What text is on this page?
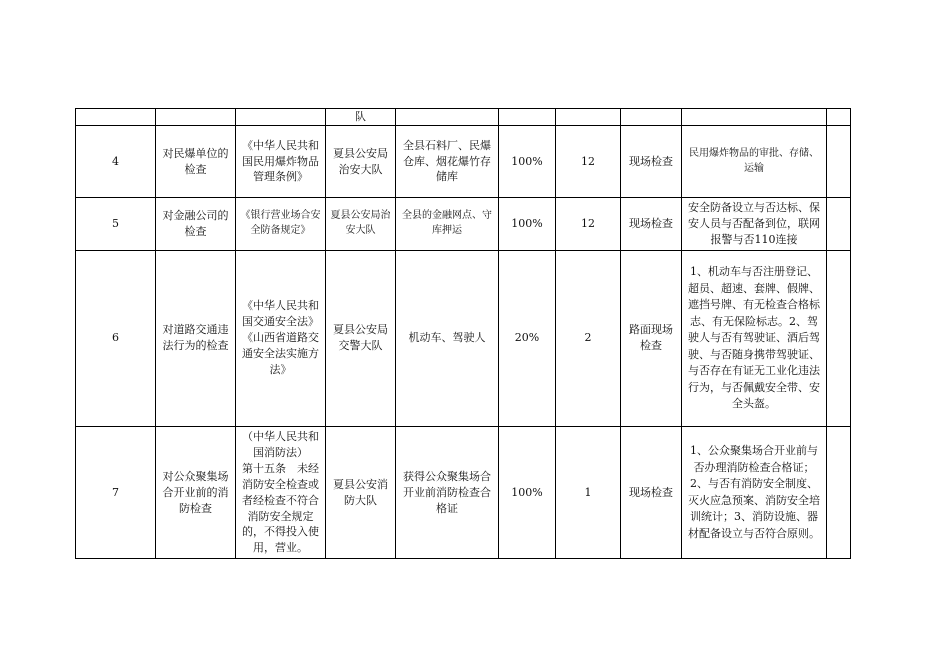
			队						
4	对民爆单位的检查	《中华人民共和国民用爆炸物品管理条例》	夏县公安局治安大队	全县石料厂、民爆仓库、烟花爆竹存储库	100%	12	现场检查	民用爆炸物品的审批、存储、运输	
5	对金融公司的检查	《银行营业场合安全防备规定》	夏县公安局治安大队	全县的金融网点、守库押运	100%	12	现场检查	安全防备设立与否达标、保安人员与否配备到位，联网报警与否110连接	
6	对道路交通违法行为的检查	《中华人民共和国交通安全法》《山西省道路交通安全法实施方法》	夏县公安局交警大队	机动车、驾驶人	20%	2	路面现场检查	1、机动车与否注册登记、超员、超速、套牌、假牌、遮挡号牌、有无检查合格标志、有无保险标志。2、驾驶人与否有驾驶证、酒后驾驶、与否随身携带驾驶证、与否存在有证无工业化违法行为，与否佩戴安全带、安全头盔。	
7	对公众聚集场合开业前的消防检查	（中华人民共和国消防法）
第十五条　未经消防安全检查或者经检查不符合消防安全规定的，不得投入使用，营业。	夏县公安消防大队	获得公众聚集场合开业前消防检查合格证	100%	1	现场检查	1、公众聚集场合开业前与否办理消防检查合格证；2、与否有消防安全制度、灭火应急预案、消防安全培训统计；3、消防设施、器材配备设立与否符合原则。	
